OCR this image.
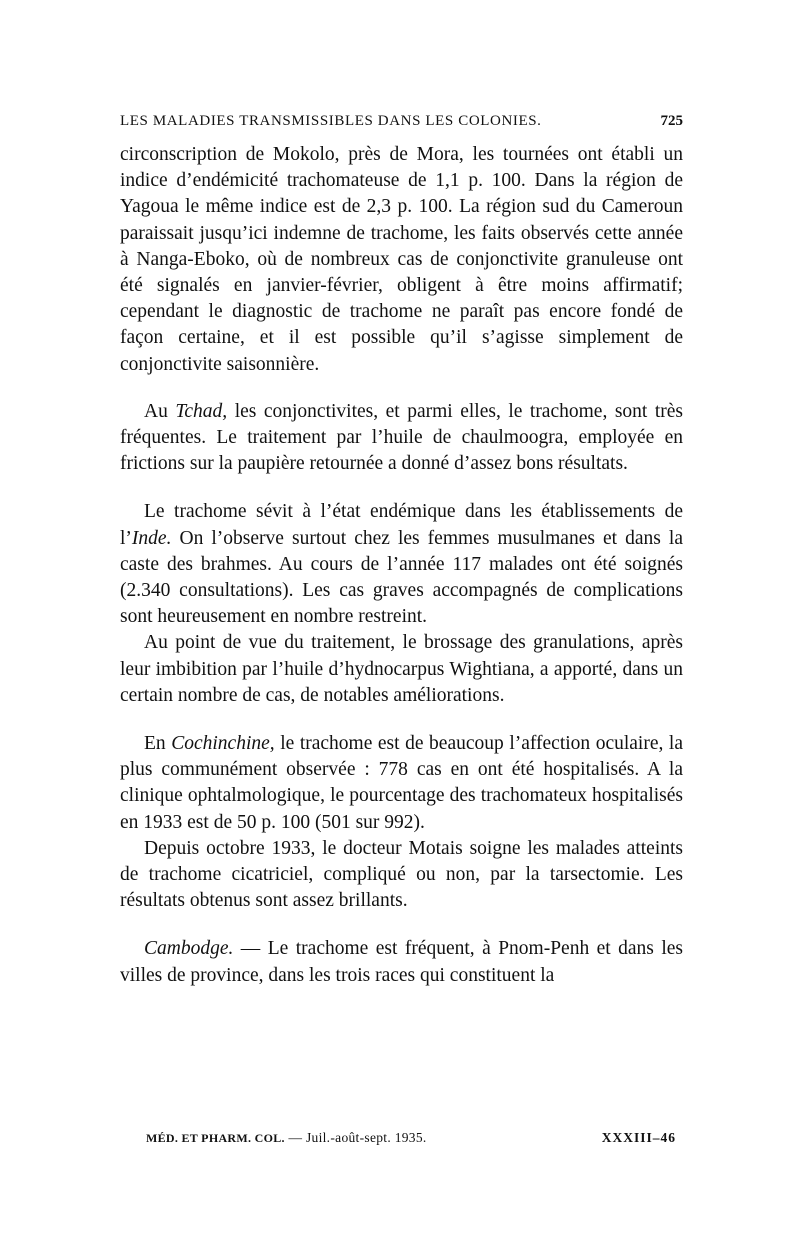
LES MALADIES TRANSMISSIBLES DANS LES COLONIES.	725

circonscription de Mokolo, près de Mora, les tournées ont établi un indice d’endémicité trachomateuse de 1,1 p. 100. Dans la région de Yagoua le même indice est de 2,3 p. 100. La région sud du Cameroun paraissait jusqu’ici indemne de trachome, les faits observés cette année à Nanga-Eboko, où de nombreux cas de conjonctivite granuleuse ont été signalés en janvier-février, obligent à être moins affirmatif; cependant le diagnostic de trachome ne paraît pas encore fondé de façon certaine, et il est possible qu’il s’agisse simplement de conjonctivite saisonnière.

Au Tchad, les conjonctivites, et parmi elles, le trachome, sont très fréquentes. Le traitement par l’huile de chaulmoogra, employée en frictions sur la paupière retournée a donné d’assez bons résultats.

Le trachome sévit à l’état endémique dans les établissements de l’Inde. On l’observe surtout chez les femmes musulmanes et dans la caste des brahmes. Au cours de l’année 117 malades ont été soignés (2.340 consultations). Les cas graves accompagnés de complications sont heureusement en nombre restreint.

Au point de vue du traitement, le brossage des granulations, après leur imbibition par l’huile d’hydnocarpus Wightiana, a apporté, dans un certain nombre de cas, de notables améliorations.

En Cochinchine, le trachome est de beaucoup l’affection oculaire, la plus communément observée : 778 cas en ont été hospitalisés. A la clinique ophtalmologique, le pourcentage des trachomateux hospitalisés en 1933 est de 50 p. 100 (501 sur 992).

Depuis octobre 1933, le docteur Motais soigne les malades atteints de trachome cicatriciel, compliqué ou non, par la tarsectomie. Les résultats obtenus sont assez brillants.

Cambodge. — Le trachome est fréquent, à Pnom-Penh et dans les villes de province, dans les trois races qui constituent la

MÉD. ET PHARM. COL. — Juil.-août-sept. 1935.	XXXIII–46
